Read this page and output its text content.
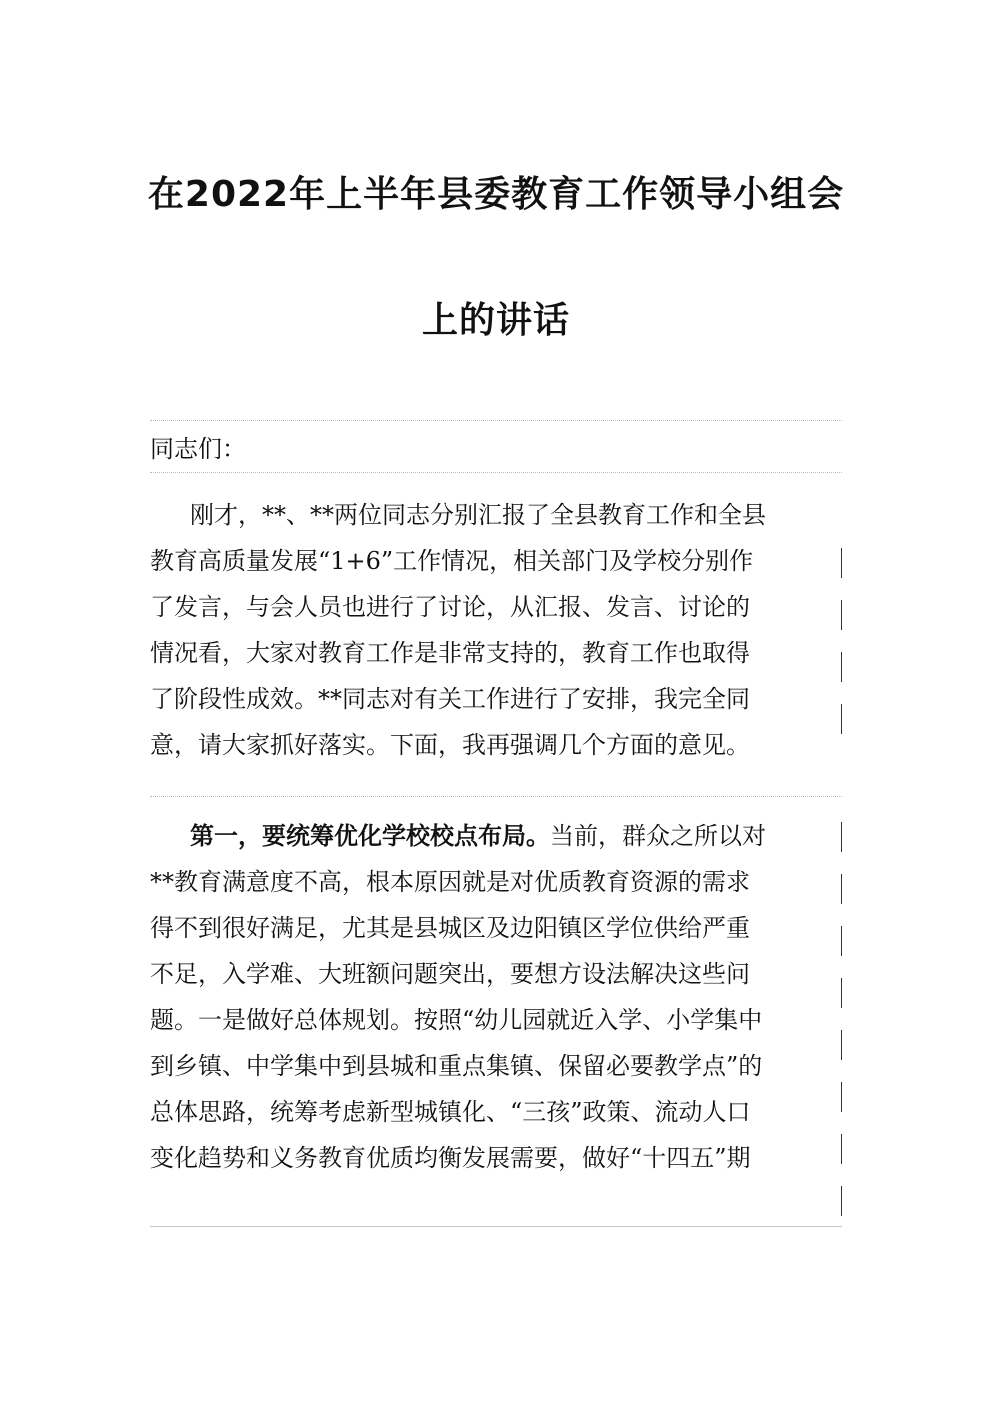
在2022年上半年县委教育工作领导小组会
上的讲话
同志们：
刚才，**、**两位同志分别汇报了全县教育工作和全县
教育高质量发展“1+6”工作情况，相关部门及学校分别作
了发言，与会人员也进行了讨论，从汇报、发言、讨论的
情况看，大家对教育工作是非常支持的，教育工作也取得
了阶段性成效。**同志对有关工作进行了安排，我完全同
意，请大家抓好落实。下面，我再强调几个方面的意见。
第一，要统筹优化学校校点布局。当前，群众之所以对
**教育满意度不高，根本原因就是对优质教育资源的需求
得不到很好满足，尤其是县城区及边阳镇区学位供给严重
不足，入学难、大班额问题突出，要想方设法解决这些问
题。一是做好总体规划。按照“幼儿园就近入学、小学集中
到乡镇、中学集中到县城和重点集镇、保留必要教学点”的
总体思路，统筹考虑新型城镇化、“三孩”政策、流动人口
变化趋势和义务教育优质均衡发展需要，做好“十四五”期
